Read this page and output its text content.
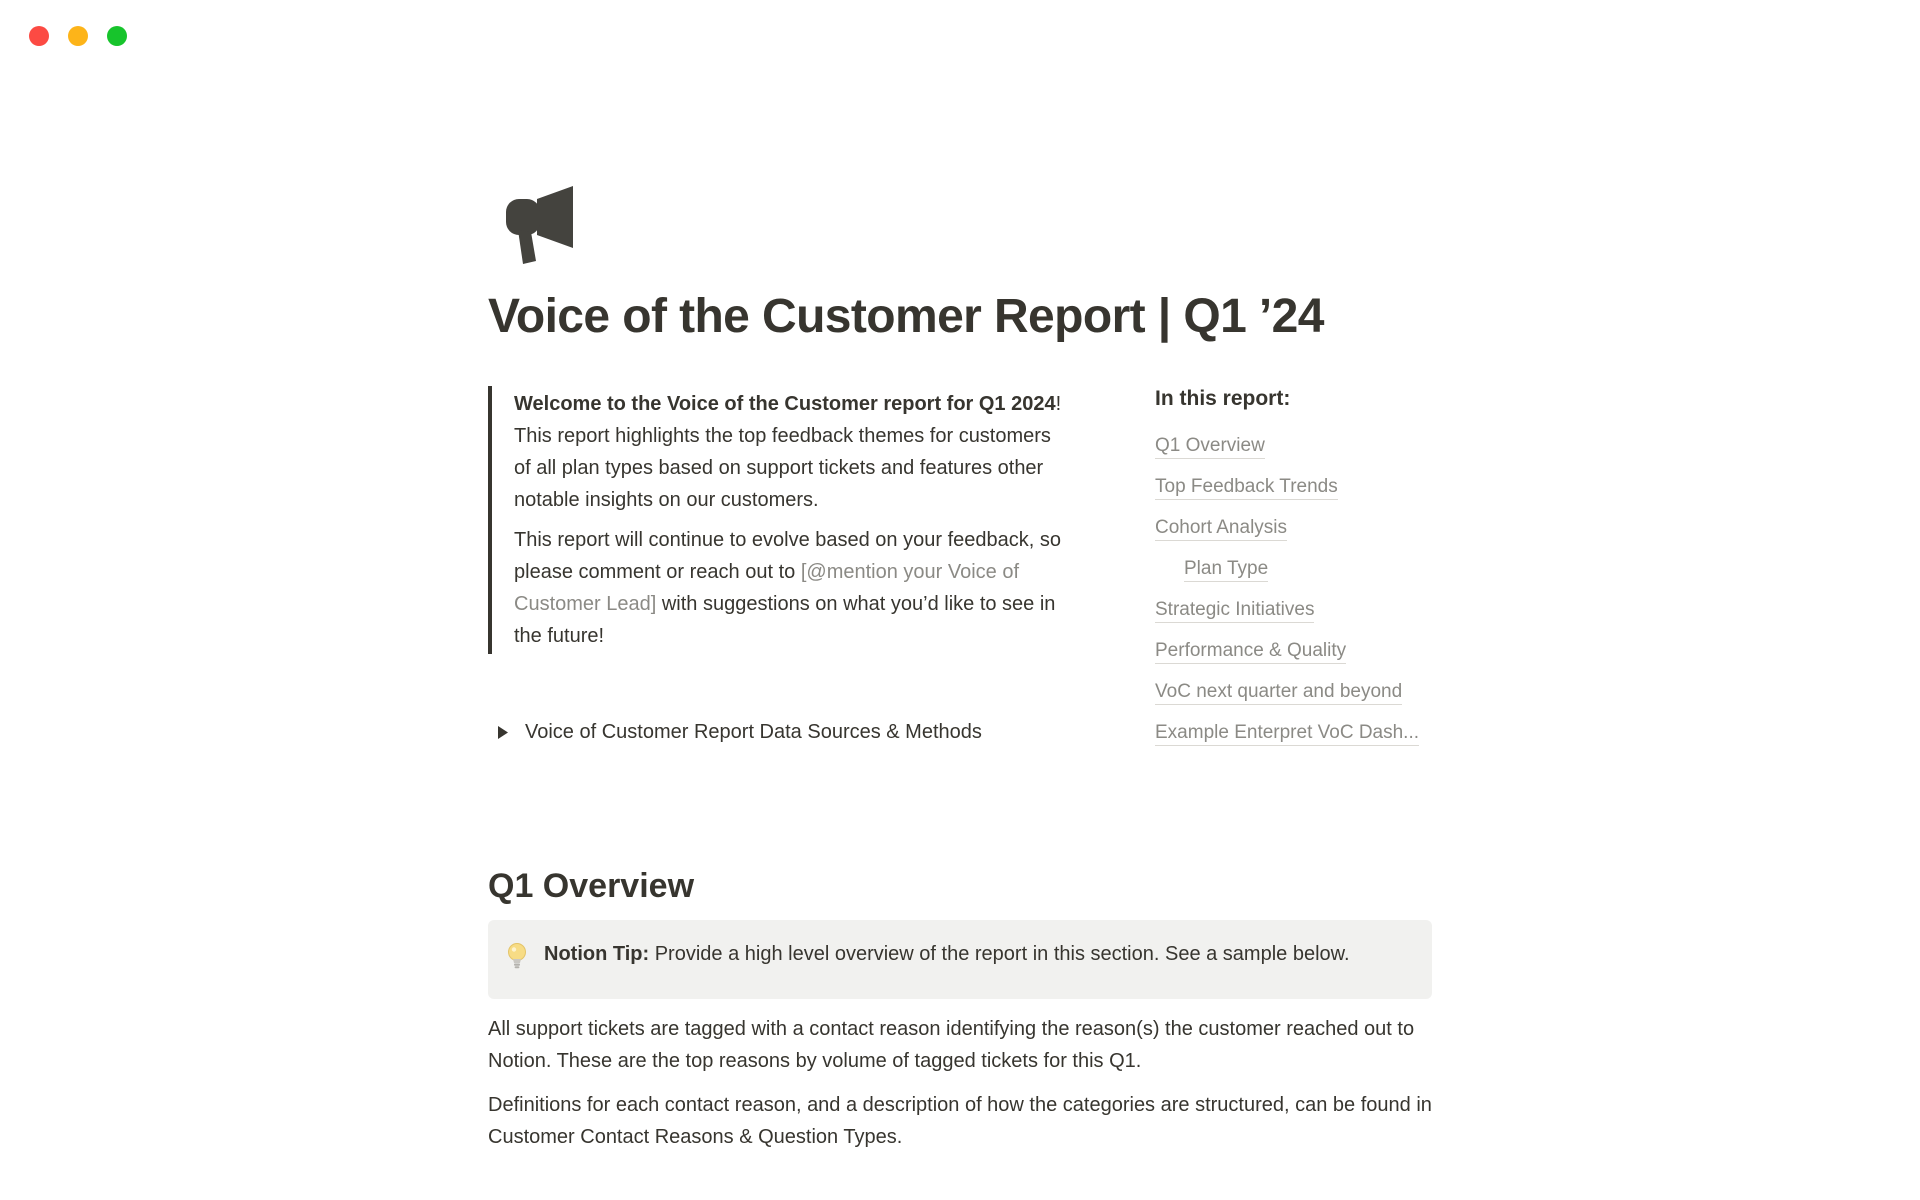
Voice of the Customer Report | Q1 ’24

Welcome to the Voice of the Customer report for Q1 2024! This report highlights the top feedback themes for customers of all plan types based on support tickets and features other notable insights on our customers.

This report will continue to evolve based on your feedback, so please comment or reach out to [@mention your Voice of Customer Lead] with suggestions on what you’d like to see in the future!

Voice of Customer Report Data Sources & Methods
In this report:
Q1 Overview
Top Feedback Trends
Cohort Analysis
Plan Type
Strategic Initiatives
Performance & Quality
VoC next quarter and beyond
Example Enterpret VoC Dash...
Q1 Overview
Notion Tip: Provide a high level overview of the report in this section. See a sample below.

All support tickets are tagged with a contact reason identifying the reason(s) the customer reached out to Notion. These are the top reasons by volume of tagged tickets for this Q1.

Definitions for each contact reason, and a description of how the categories are structured, can be found in Customer Contact Reasons & Question Types.
